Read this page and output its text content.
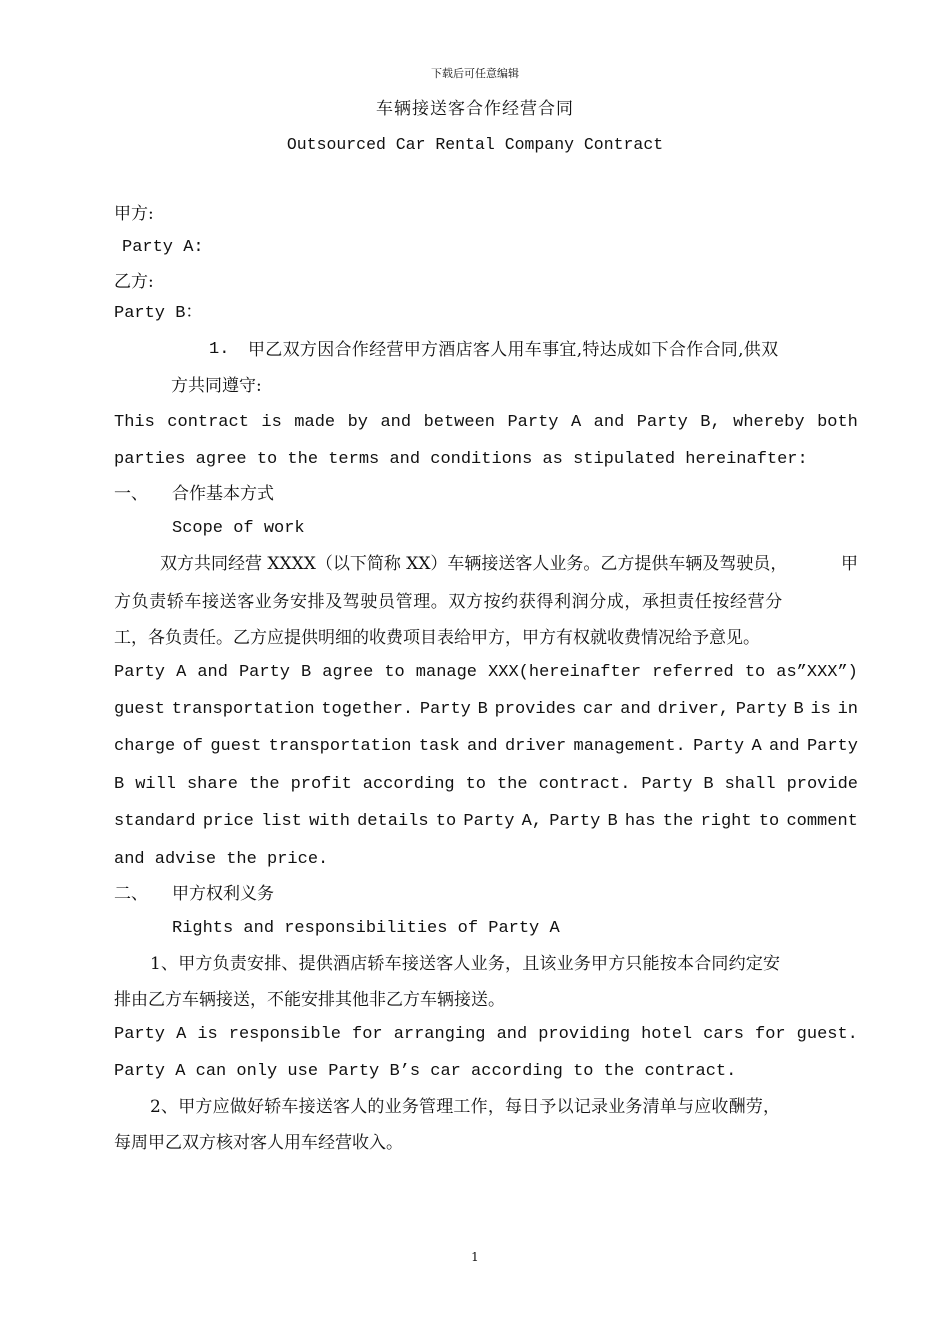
下载后可任意编辑
车辆接送客合作经营合同
Outsourced Car Rental Company Contract
甲方:
Party A:
乙方:
Party B：
1. 甲乙双方因合作经营甲方酒店客人用车事宜,特达成如下合作合同,供双
方共同遵守:
This contract is made by and between Party A and Party B, whereby both
parties agree to the terms and conditions as stipulated hereinafter:
一、 合作基本方式
Scope of work
双方共同经营 XXXX（以下简称 XX）车辆接送客人业务。乙方提供车辆及驾驶员，	甲
方负责轿车接送客业务安排及驾驶员管理。双方按约获得利润分成，承担责任按经营分
工，各负责任。乙方应提供明细的收费项目表给甲方，甲方有权就收费情况给予意见。
Party A and Party B agree to manage XXX(hereinafter referred to as”XXX”)
guest transportation together. Party B provides car and driver, Party B is in
charge of guest transportation task and driver management. Party A and Party
B will share the profit according to the contract. Party B shall provide
standard price list with details to Party A, Party B has the right to comment
and advise the price.
二、 甲方权利义务
Rights and responsibilities of Party A
1、甲方负责安排、提供酒店轿车接送客人业务，且该业务甲方只能按本合同约定安
排由乙方车辆接送，不能安排其他非乙方车辆接送。
Party A is responsible for arranging and providing hotel cars for guest.
Party A can only use Party B’s car according to the contract.
2、甲方应做好轿车接送客人的业务管理工作，每日予以记录业务清单与应收酬劳，
每周甲乙双方核对客人用车经营收入。
1
